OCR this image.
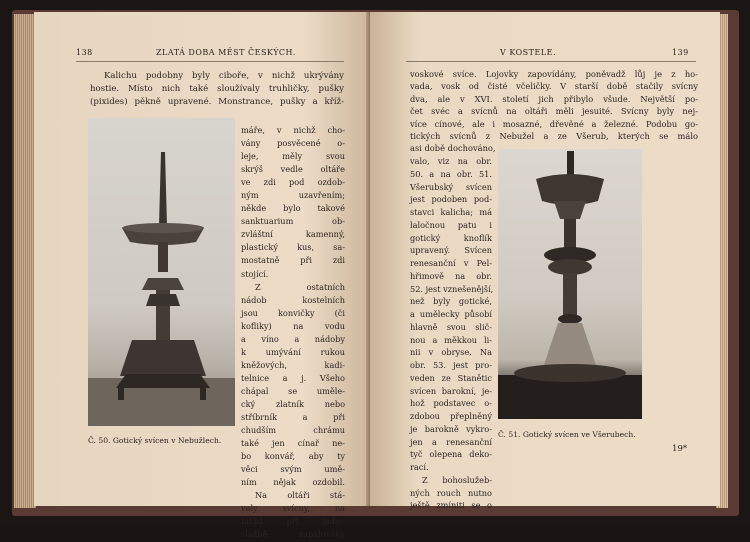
138	ZLATÁ DOBA MĚST ČESKÝCH.
Kalichu podobny byly ciboře, v nichž ukrývány
hostie. Místo nich také sloužívaly truhličky, pušky
(pixides) pěkně upravené. Monstrance, pušky a kříž-
máře, v nichž cho-
vány posvěcené o-
leje, měly svou
skrýš vedle oltáře
ve zdi pod ozdob-
ným uzavřením;
někde bylo takové
sanktuarium ob-
zvláštní kamenný,
plastický kus, sa-
mostatně při zdi
stojící.
Z ostatních
nádob kostelních
jsou konvičky (či
kofliky) na vodu
a víno a nádoby
k umývání rukou
kněžových, kadi-
telnice a j. Všeho
chápal se uměle-
cký zlatník nebo
stříbrník a při
chudším chrámu
také jen cínař ne-
bo konvář, aby ty
věci svým umě-
ním nějak ozdobil.
Na oltáři stá-
valy svícny, na
nichž při boho-
službě zapalovány
Č. 50. Gotický svícen v Nebužlech.
V KOSTELE.	139
voskové svíce. Lojovky zapovídány, poněvadž lůj je z ho-
vada, vosk od čisté včeličky. V starší době stačily svícny
dva, ale v XVI. století jich přibylo všude. Největší po-
čet svéc a svícnů na oltáři měli jesuité. Svícny byly nej-
více cínové, ale i mosazné, dřevěné a železné. Podobu go-
tických svícnů z Nebužel a ze Všerub, kterých se málo
asi době dochováno,
valo, viz na obr.
50. a na obr. 51.
Všerubský svícen
jest podoben pod-
stavci kalicha; má
laločnou patu i
gotický knoflík
upravený. Svícen
renesanční v Pel-
hřimově na obr.
52. jest vznešenější,
než byly gotické,
a umělecky působí
hlavně svou slič-
nou a měkkou li-
nii v obryse. Na
obr. 53. jest pro-
veden ze Stanětic
svícen barokní, je-
hož podstavec o-
zdobou přeplněný
je barokně vykro-
jen a renesanční
tyč olepena deko-
rací.
Z bohoslužeb-
ných rouch nutno
ještě zmíniti se o
Č. 51. Gotický svícen ve Všerubech.
19*
